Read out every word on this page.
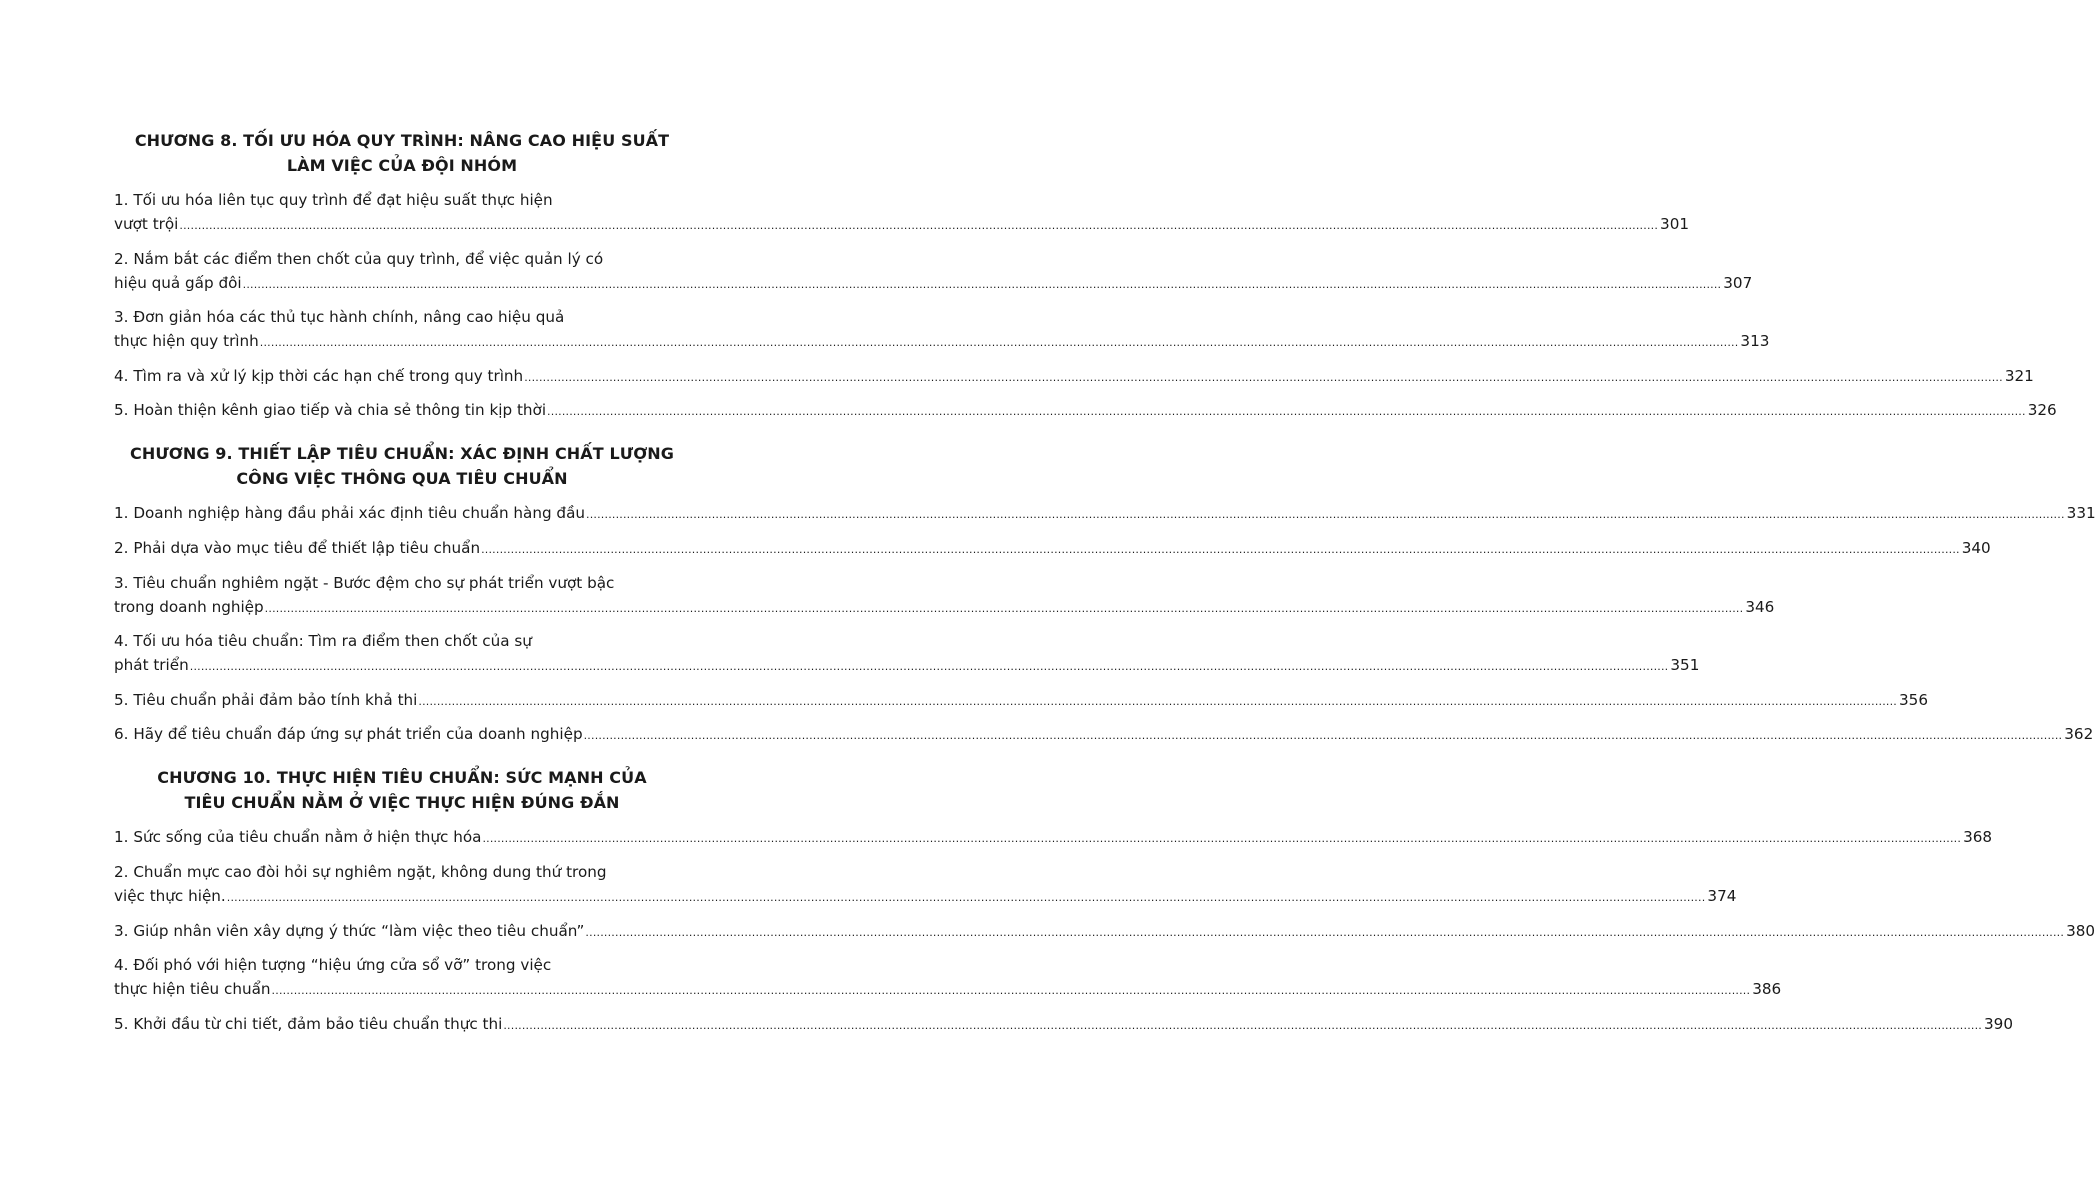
CHƯƠNG 8. TỐI ƯU HÓA QUY TRÌNH: NÂNG CAO HIỆU SUẤT
LÀM VIỆC CỦA ĐỘI NHÓM
1. Tối ưu hóa liên tục quy trình để đạt hiệu suất thực hiện
vượt trội ................................................................................................................................................................................................................................................................................................................................................................................................................ 301
2. Nắm bắt các điểm then chốt của quy trình, để việc quản lý có
hiệu quả gấp đôi ................................................................................................................................................................................................................................................................................................................................................................................................................ 307
3. Đơn giản hóa các thủ tục hành chính, nâng cao hiệu quả
thực hiện quy trình ................................................................................................................................................................................................................................................................................................................................................................................................................ 313
4. Tìm ra và xử lý kịp thời các hạn chế trong quy trình ................................................................................................................................................................................................................................................................................................................................................................................................................ 321
5. Hoàn thiện kênh giao tiếp và chia sẻ thông tin kịp thời ................................................................................................................................................................................................................................................................................................................................................................................................................ 326
CHƯƠNG 9. THIẾT LẬP TIÊU CHUẨN: XÁC ĐỊNH CHẤT LƯỢNG
CÔNG VIỆC THÔNG QUA TIÊU CHUẨN
1. Doanh nghiệp hàng đầu phải xác định tiêu chuẩn hàng đầu ................................................................................................................................................................................................................................................................................................................................................................................................................ 331
2. Phải dựa vào mục tiêu để thiết lập tiêu chuẩn ................................................................................................................................................................................................................................................................................................................................................................................................................ 340
3. Tiêu chuẩn nghiêm ngặt - Bước đệm cho sự phát triển vượt bậc
trong doanh nghiệp ................................................................................................................................................................................................................................................................................................................................................................................................................ 346
4. Tối ưu hóa tiêu chuẩn: Tìm ra điểm then chốt của sự
phát triển ................................................................................................................................................................................................................................................................................................................................................................................................................ 351
5. Tiêu chuẩn phải đảm bảo tính khả thi ................................................................................................................................................................................................................................................................................................................................................................................................................ 356
6. Hãy để tiêu chuẩn đáp ứng sự phát triển của doanh nghiệp ................................................................................................................................................................................................................................................................................................................................................................................................................ 362
CHƯƠNG 10. THỰC HIỆN TIÊU CHUẨN: SỨC MẠNH CỦA
TIÊU CHUẨN NẰM Ở VIỆC THỰC HIỆN ĐÚNG ĐẮN
1. Sức sống của tiêu chuẩn nằm ở hiện thực hóa ................................................................................................................................................................................................................................................................................................................................................................................................................ 368
2. Chuẩn mực cao đòi hỏi sự nghiêm ngặt, không dung thứ trong
việc thực hiện. ................................................................................................................................................................................................................................................................................................................................................................................................................ 374
3. Giúp nhân viên xây dựng ý thức “làm việc theo tiêu chuẩn” ................................................................................................................................................................................................................................................................................................................................................................................................................ 380
4. Đối phó với hiện tượng “hiệu ứng cửa sổ vỡ” trong việc
thực hiện tiêu chuẩn ................................................................................................................................................................................................................................................................................................................................................................................................................ 386
5. Khởi đầu từ chi tiết, đảm bảo tiêu chuẩn thực thi ................................................................................................................................................................................................................................................................................................................................................................................................................ 390
